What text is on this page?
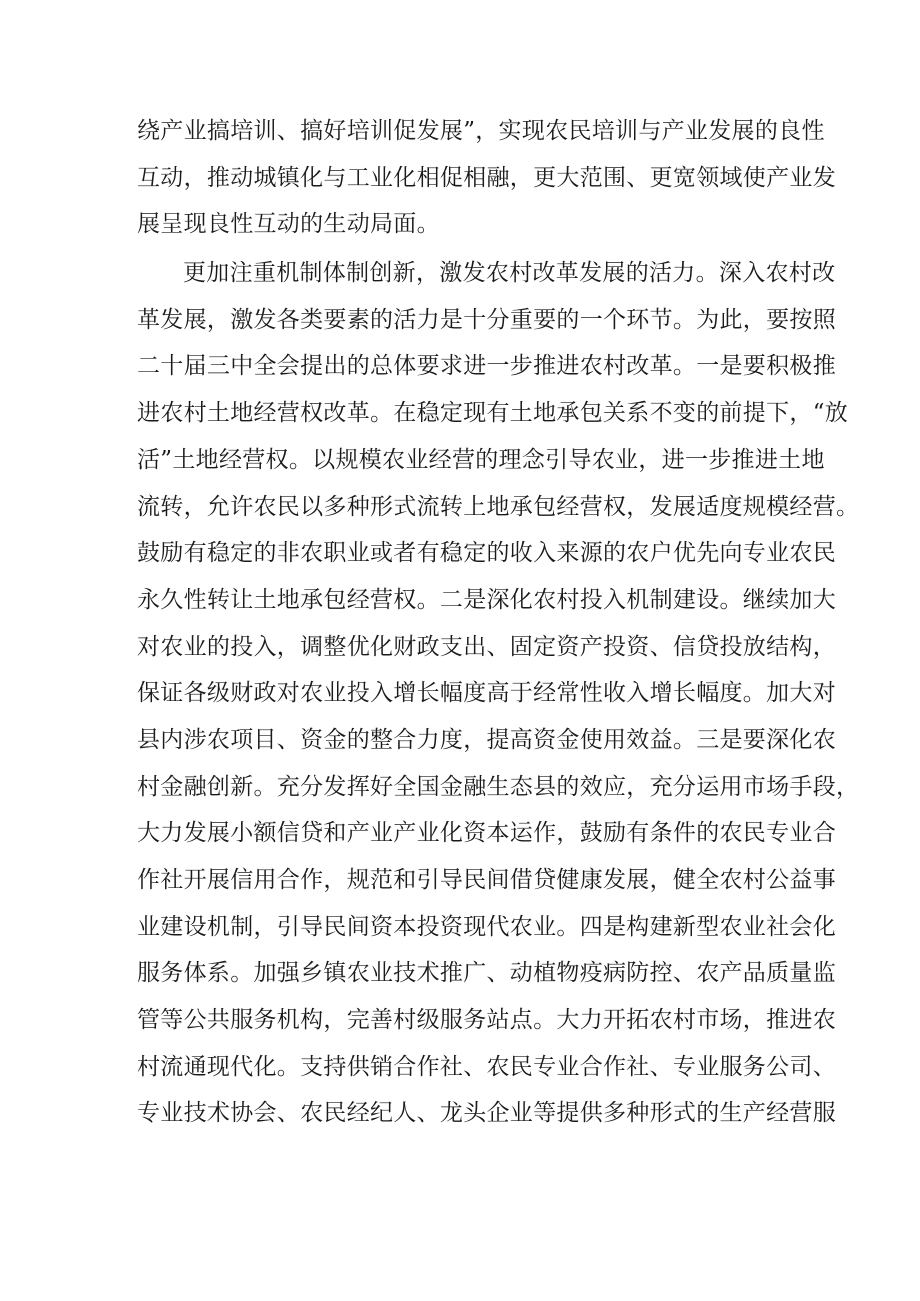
绕产业搞培训、搞好培训促发展”，实现农民培训与产业发展的良性
互动，推动城镇化与工业化相促相融，更大范围、更宽领域使产业发
展呈现良性互动的生动局面。
更加注重机制体制创新，激发农村改革发展的活力。深入农村改
革发展，激发各类要素的活力是十分重要的一个环节。为此，要按照
二十届三中全会提出的总体要求进一步推进农村改革。一是要积极推
进农村土地经营权改革。在稳定现有土地承包关系不变的前提下，“放
活”土地经营权。以规模农业经营的理念引导农业，进一步推进土地
流转，允许农民以多种形式流转上地承包经营权，发展适度规模经营。
鼓励有稳定的非农职业或者有稳定的收入来源的农户优先向专业农民
永久性转让土地承包经营权。二是深化农村投入机制建设。继续加大
对农业的投入，调整优化财政支出、固定资产投资、信贷投放结构，
保证各级财政对农业投入增长幅度高于经常性收入增长幅度。加大对
县内涉农项目、资金的整合力度，提高资金使用效益。三是要深化农
村金融创新。充分发挥好全国金融生态县的效应，充分运用市场手段，
大力发展小额信贷和产业产业化资本运作，鼓励有条件的农民专业合
作社开展信用合作，规范和引导民间借贷健康发展，健全农村公益事
业建设机制，引导民间资本投资现代农业。四是构建新型农业社会化
服务体系。加强乡镇农业技术推广、动植物疫病防控、农产品质量监
管等公共服务机构，完善村级服务站点。大力开拓农村市场，推进农
村流通现代化。支持供销合作社、农民专业合作社、专业服务公司、
专业技术协会、农民经纪人、龙头企业等提供多种形式的生产经营服
